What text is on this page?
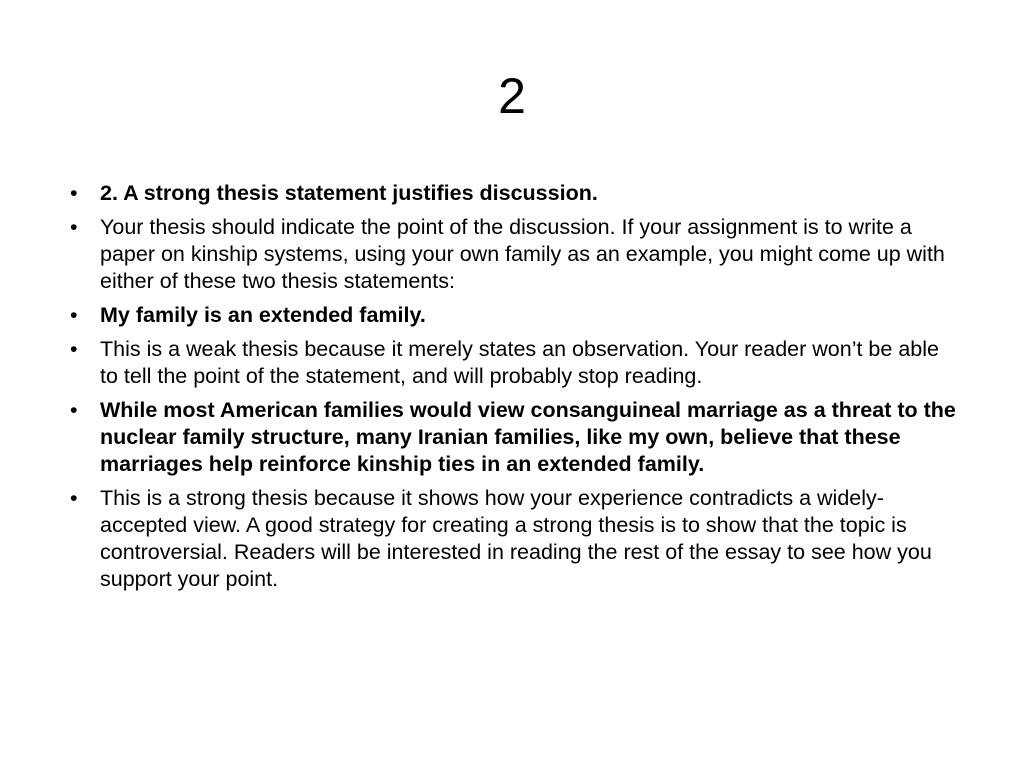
2
•	2. A strong thesis statement justifies discussion.
•	Your thesis should indicate the point of the discussion. If your assignment is to write a paper on kinship systems, using your own family as an example, you might come up with either of these two thesis statements:
•	My family is an extended family.
•	This is a weak thesis because it merely states an observation. Your reader won’t be able to tell the point of the statement, and will probably stop reading.
•	While most American families would view consanguineal marriage as a threat to the nuclear family structure, many Iranian families, like my own, believe that these marriages help reinforce kinship ties in an extended family.
•	This is a strong thesis because it shows how your experience contradicts a widely-accepted view. A good strategy for creating a strong thesis is to show that the topic is controversial. Readers will be interested in reading the rest of the essay to see how you support your point.
